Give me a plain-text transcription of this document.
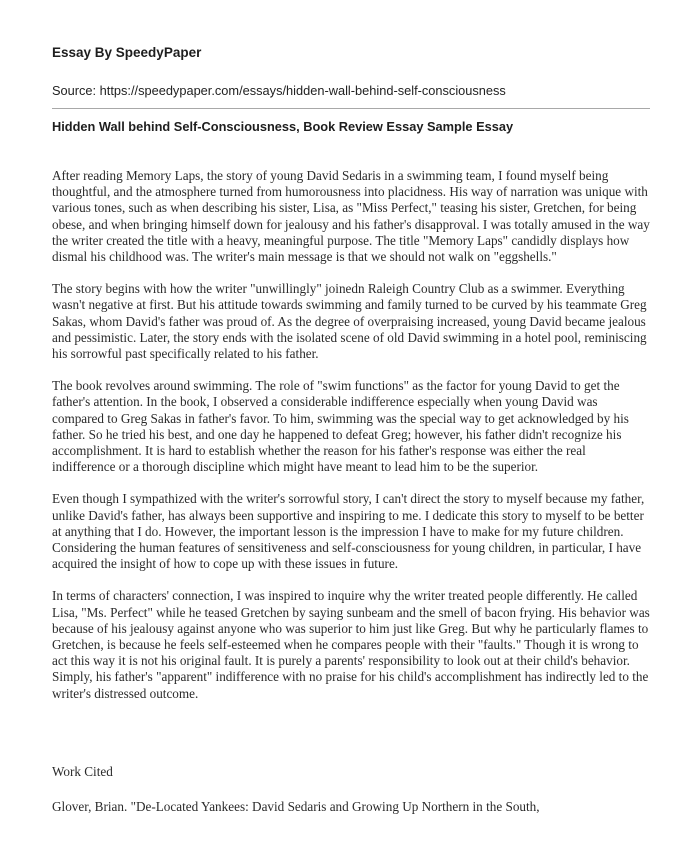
Essay By SpeedyPaper
Source: https://speedypaper.com/essays/hidden-wall-behind-self-consciousness
Hidden Wall behind Self-Consciousness, Book Review Essay Sample Essay

After reading Memory Laps, the story of young David Sedaris in a swimming team, I found myself being thoughtful, and the atmosphere turned from humorousness into placidness. His way of narration was unique with various tones, such as when describing his sister, Lisa, as "Miss Perfect," teasing his sister, Gretchen, for being obese, and when bringing himself down for jealousy and his father's disapproval. I was totally amused in the way the writer created the title with a heavy, meaningful purpose. The title "Memory Laps" candidly displays how dismal his childhood was. The writer's main message is that we should not walk on "eggshells."

The story begins with how the writer "unwillingly" joinedn Raleigh Country Club as a swimmer. Everything wasn't negative at first. But his attitude towards swimming and family turned to be curved by his teammate Greg Sakas, whom David's father was proud of. As the degree of overpraising increased, young David became jealous and pessimistic. Later, the story ends with the isolated scene of old David swimming in a hotel pool, reminiscing his sorrowful past specifically related to his father.

The book revolves around swimming. The role of "swim functions" as the factor for young David to get the father's attention. In the book, I observed a considerable indifference especially when young David was compared to Greg Sakas in father's favor. To him, swimming was the special way to get acknowledged by his father. So he tried his best, and one day he happened to defeat Greg; however, his father didn't recognize his accomplishment. It is hard to establish whether the reason for his father's response was either the real indifference or a thorough discipline which might have meant to lead him to be the superior.

Even though I sympathized with the writer's sorrowful story, I can't direct the story to myself because my father, unlike David's father, has always been supportive and inspiring to me. I dedicate this story to myself to be better at anything that I do. However, the important lesson is the impression I have to make for my future children. Considering the human features of sensitiveness and self-consciousness for young children, in particular, I have acquired the insight of how to cope up with these issues in future.

In terms of characters' connection, I was inspired to inquire why the writer treated people differently. He called Lisa, "Ms. Perfect" while he teased Gretchen by saying sunbeam and the smell of bacon frying. His behavior was because of his jealousy against anyone who was superior to him just like Greg. But why he particularly flames to Gretchen, is because he feels self-esteemed when he compares people with their "faults." Though it is wrong to act this way it is not his original fault. It is purely a parents' responsibility to look out at their child's behavior. Simply, his father's "apparent" indifference with no praise for his child's accomplishment has indirectly led to the writer's distressed outcome.

Work Cited
Glover, Brian. "De-Located Yankees: David Sedaris and Growing Up Northern in the South,
